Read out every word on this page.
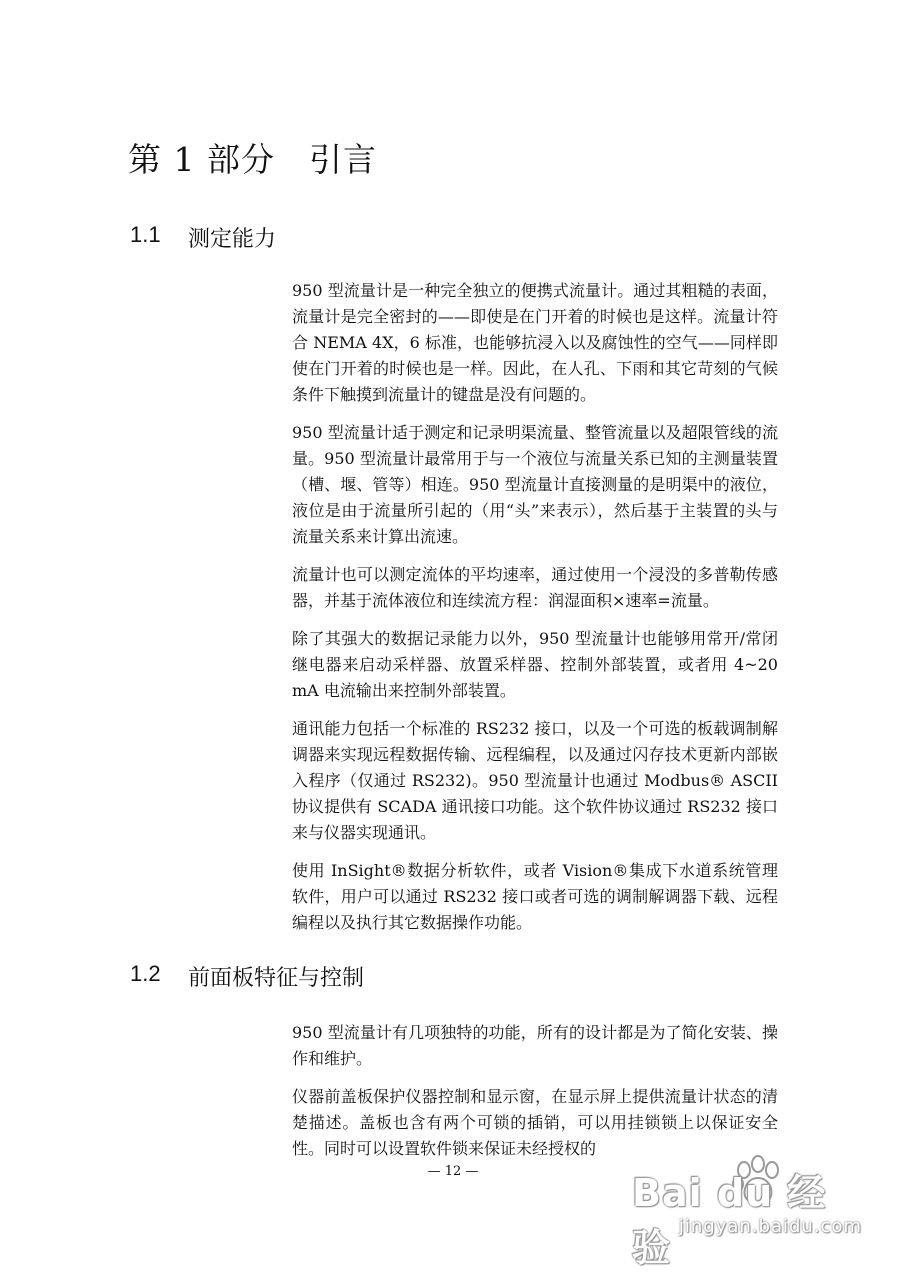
第 1 部分　引言
1.1	测定能力

950 型流量计是一种完全独立的便携式流量计。通过其粗糙的表面，流量计是完全密封的——即使是在门开着的时候也是这样。流量计符合 NEMA 4X，6 标准，也能够抗浸入以及腐蚀性的空气——同样即使在门开着的时候也是一样。因此，在人孔、下雨和其它苛刻的气候条件下触摸到流量计的键盘是没有问题的。

950 型流量计适于测定和记录明渠流量、整管流量以及超限管线的流量。950 型流量计最常用于与一个液位与流量关系已知的主测量装置（槽、堰、管等）相连。950 型流量计直接测量的是明渠中的液位，液位是由于流量所引起的（用“头”来表示），然后基于主装置的头与流量关系来计算出流速。

流量计也可以测定流体的平均速率，通过使用一个浸没的多普勒传感器，并基于流体液位和连续流方程：润湿面积×速率=流量。

除了其强大的数据记录能力以外，950 型流量计也能够用常开/常闭继电器来启动采样器、放置采样器、控制外部装置，或者用 4~20 mA 电流输出来控制外部装置。

通讯能力包括一个标准的 RS232 接口，以及一个可选的板载调制解调器来实现远程数据传输、远程编程，以及通过闪存技术更新内部嵌入程序（仅通过 RS232)。950 型流量计也通过 Modbus® ASCII 协议提供有 SCADA 通讯接口功能。这个软件协议通过 RS232 接口来与仪器实现通讯。

使用 InSight®数据分析软件，或者 Vision®集成下水道系统管理软件，用户可以通过 RS232 接口或者可选的调制解调器下载、远程编程以及执行其它数据操作功能。

1.2	前面板特征与控制

950 型流量计有几项独特的功能，所有的设计都是为了简化安装、操作和维护。

仪器前盖板保护仪器控制和显示窗，在显示屏上提供流量计状态的清楚描述。盖板也含有两个可锁的插销，可以用挂锁锁上以保证安全性。同时可以设置软件锁来保证未经授权的

— 12 —	Bai du 经验 jingyan.baidu.com
